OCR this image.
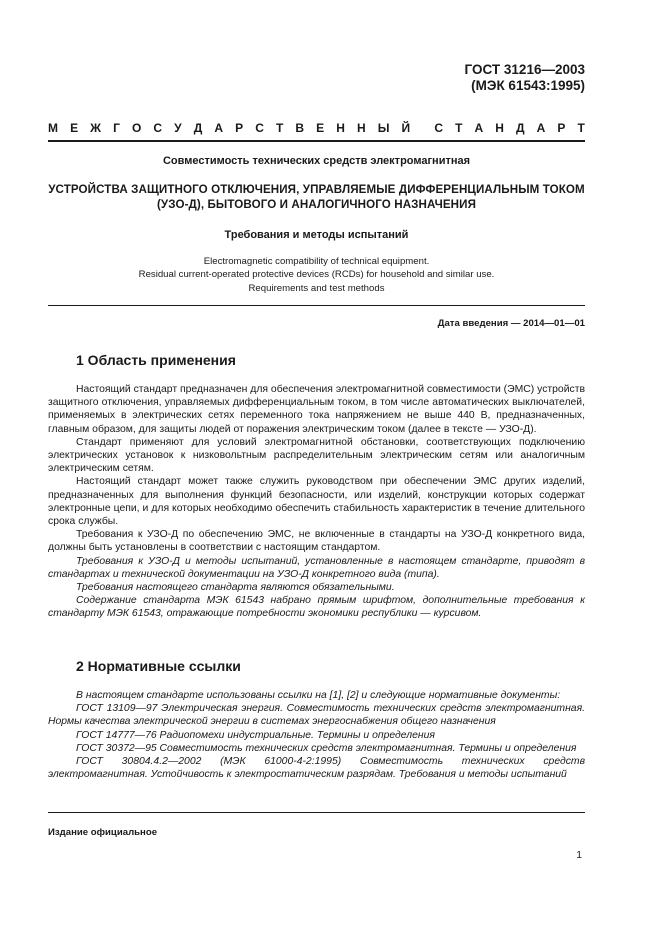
ГОСТ 31216—2003
(МЭК 61543:1995)
М Е Ж Г О С У Д А Р С Т В Е Н Н Ы Й С Т А Н Д А Р Т
Совместимость технических средств электромагнитная
УСТРОЙСТВА ЗАЩИТНОГО ОТКЛЮЧЕНИЯ, УПРАВЛЯЕМЫЕ ДИФФЕРЕНЦИАЛЬНЫМ ТОКОМ
(УЗО-Д), БЫТОВОГО И АНАЛОГИЧНОГО НАЗНАЧЕНИЯ
Требования и методы испытаний
Electromagnetic compatibility of technical equipment.
Residual current-operated protective devices (RCDs) for household and similar use.
Requirements and test methods
Дата введения — 2014—01—01
1 Область применения

Настоящий стандарт предназначен для обеспечения электромагнитной совместимости (ЭМС) устройств защитного отключения, управляемых дифференциальным током, в том числе автоматических выключателей, применяемых в электрических сетях переменного тока напряжением не выше 440 В, предназначенных, главным образом, для защиты людей от поражения электрическим током (далее в тексте — УЗО-Д).

Стандарт применяют для условий электромагнитной обстановки, соответствующих подключению электрических установок к низковольтным распределительным электрическим сетям или аналогичным электрическим сетям.

Настоящий стандарт может также служить руководством при обеспечении ЭМС других изделий, предназначенных для выполнения функций безопасности, или изделий, конструкции которых содержат электронные цепи, и для которых необходимо обеспечить стабильность характеристик в течение длительного срока службы.

Требования к УЗО-Д по обеспечению ЭМС, не включенные в стандарты на УЗО-Д конкретного вида, должны быть установлены в соответствии с настоящим стандартом.

Требования к УЗО-Д и методы испытаний, установленные в настоящем стандарте, приводят в стандартах и технической документации на УЗО-Д конкретного вида (типа).

Требования настоящего стандарта являются обязательными.

Содержание стандарта МЭК 61543 набрано прямым шрифтом, дополнительные требования к стандарту МЭК 61543, отражающие потребности экономики республики — курсивом.

2 Нормативные ссылки

В настоящем стандарте использованы ссылки на [1], [2] и следующие нормативные документы:

ГОСТ 13109—97 Электрическая энергия. Совместимость технических средств электромагнитная. Нормы качества электрической энергии в системах энергоснабжения общего назначения

ГОСТ 14777—76 Радиопомехи индустриальные. Термины и определения

ГОСТ 30372—95 Совместимость технических средств электромагнитная. Термины и определения

ГОСТ 30804.4.2—2002 (МЭК 61000-4-2:1995) Совместимость технических средств электромагнитная. Устойчивость к электростатическим разрядам. Требования и методы испытаний

Издание официальное
1
